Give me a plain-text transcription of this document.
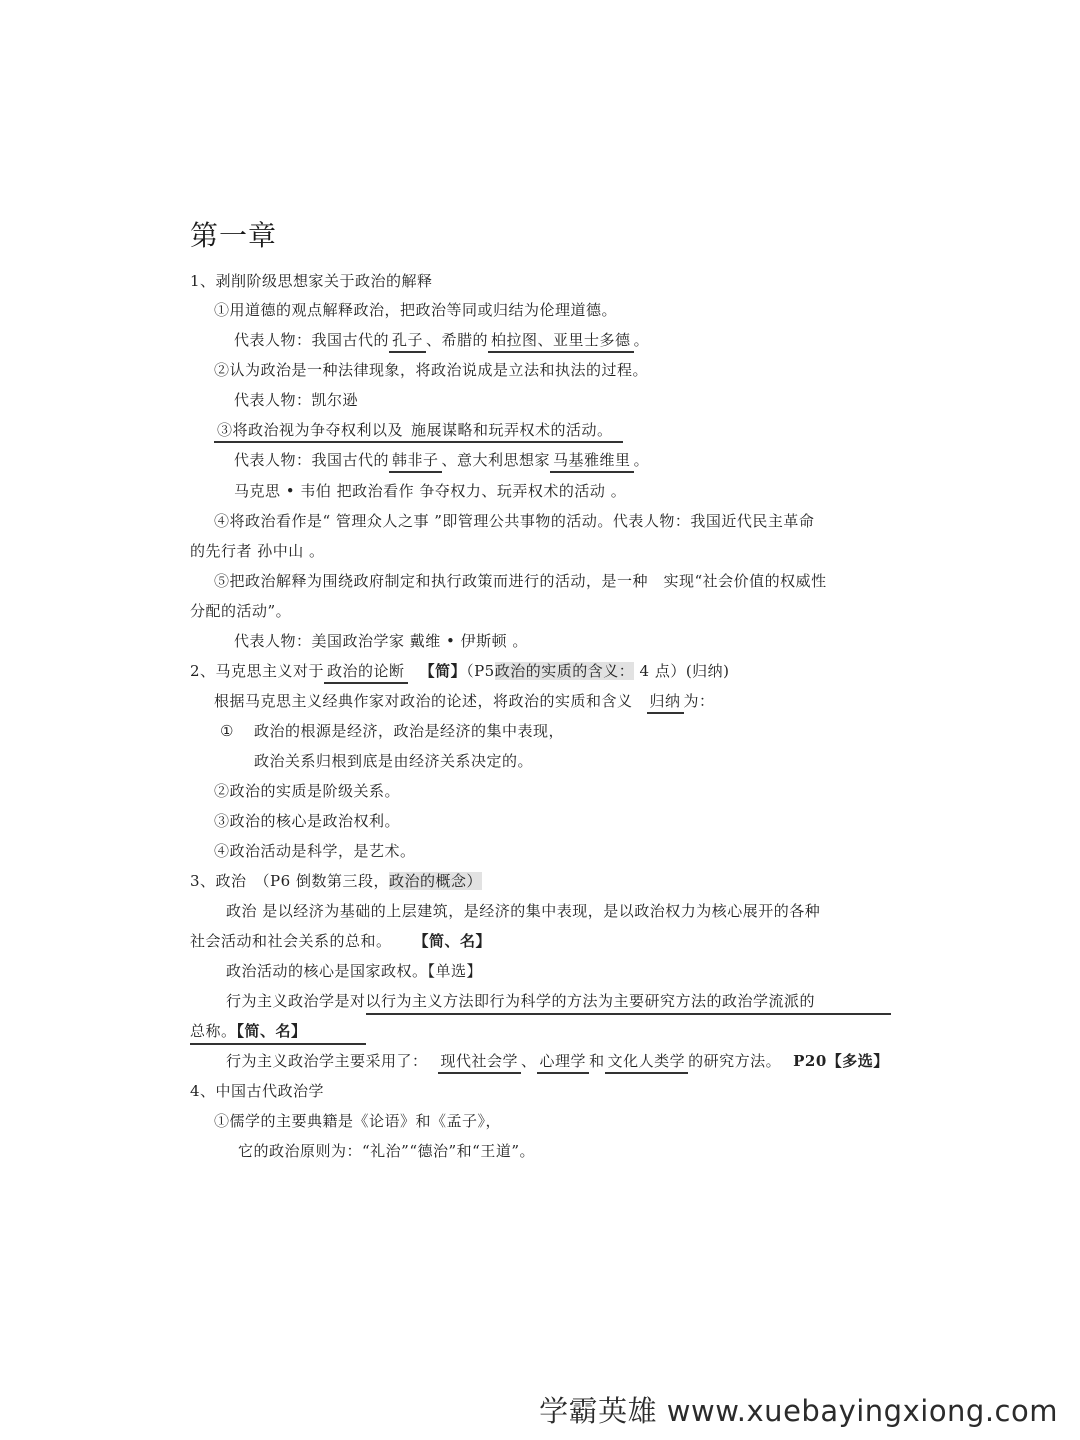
第一章
1、剥削阶级思想家关于政治的解释
①用道德的观点解释政治，把政治等同或归结为伦理道德。
代表人物：我国古代的 孔子 、希腊的 柏拉图、亚里士多德 。
②认为政治是一种法律现象，将政治说成是立法和执法的过程。
代表人物：凯尔逊
③将政治视为争夺权利以及 施展谋略和玩弄权术的活动。
代表人物：我国古代的 韩非子 、意大利思想家 马基雅维里 。
马克思 • 韦伯 把政治看作 争夺权力、玩弄权术的活动 。
④将政治看作是“ 管理众人之事 ”即管理公共事物的活动。代表人物：我国近代民主革命
的先行者 孙中山 。
⑤把政治解释为围绕政府制定和执行政策而进行的活动，是一种　实现“社会价值的权威性
分配的活动”。
代表人物：美国政治学家 戴维 • 伊斯顿 。
2、马克思主义对于 政治的论断 【简】（P5政治的实质的含义： 4 点）(归纳)
根据马克思主义经典作家对政治的论述，将政治的实质和含义 归纳 为：
① 政治的根源是经济，政治是经济的集中表现，
政治关系归根到底是由经济关系决定的。
②政治的实质是阶级关系。
③政治的核心是政治权利。
④政治活动是科学，是艺术。
3、政治　（P6 倒数第三段，政治的概念）
政治 是以经济为基础的上层建筑，是经济的集中表现，是以政治权力为核心展开的各种
社会活动和社会关系的总和。 【简、名】
政治活动的核心是国家政权。【单选】
行为主义政治学是对以行为主义方法即行为科学的方法为主要研究方法的政治学流派的
总称。【简、名】
行为主义政治学主要采用了： 现代社会学 、 心理学 和 文化人类学 的研究方法。 P20【多选】
4、中国古代政治学
①儒学的主要典籍是《论语》和《孟子》，
它的政治原则为：“礼治”“德治”和“王道”。
学霸英雄 www.xuebayingxiong.com
